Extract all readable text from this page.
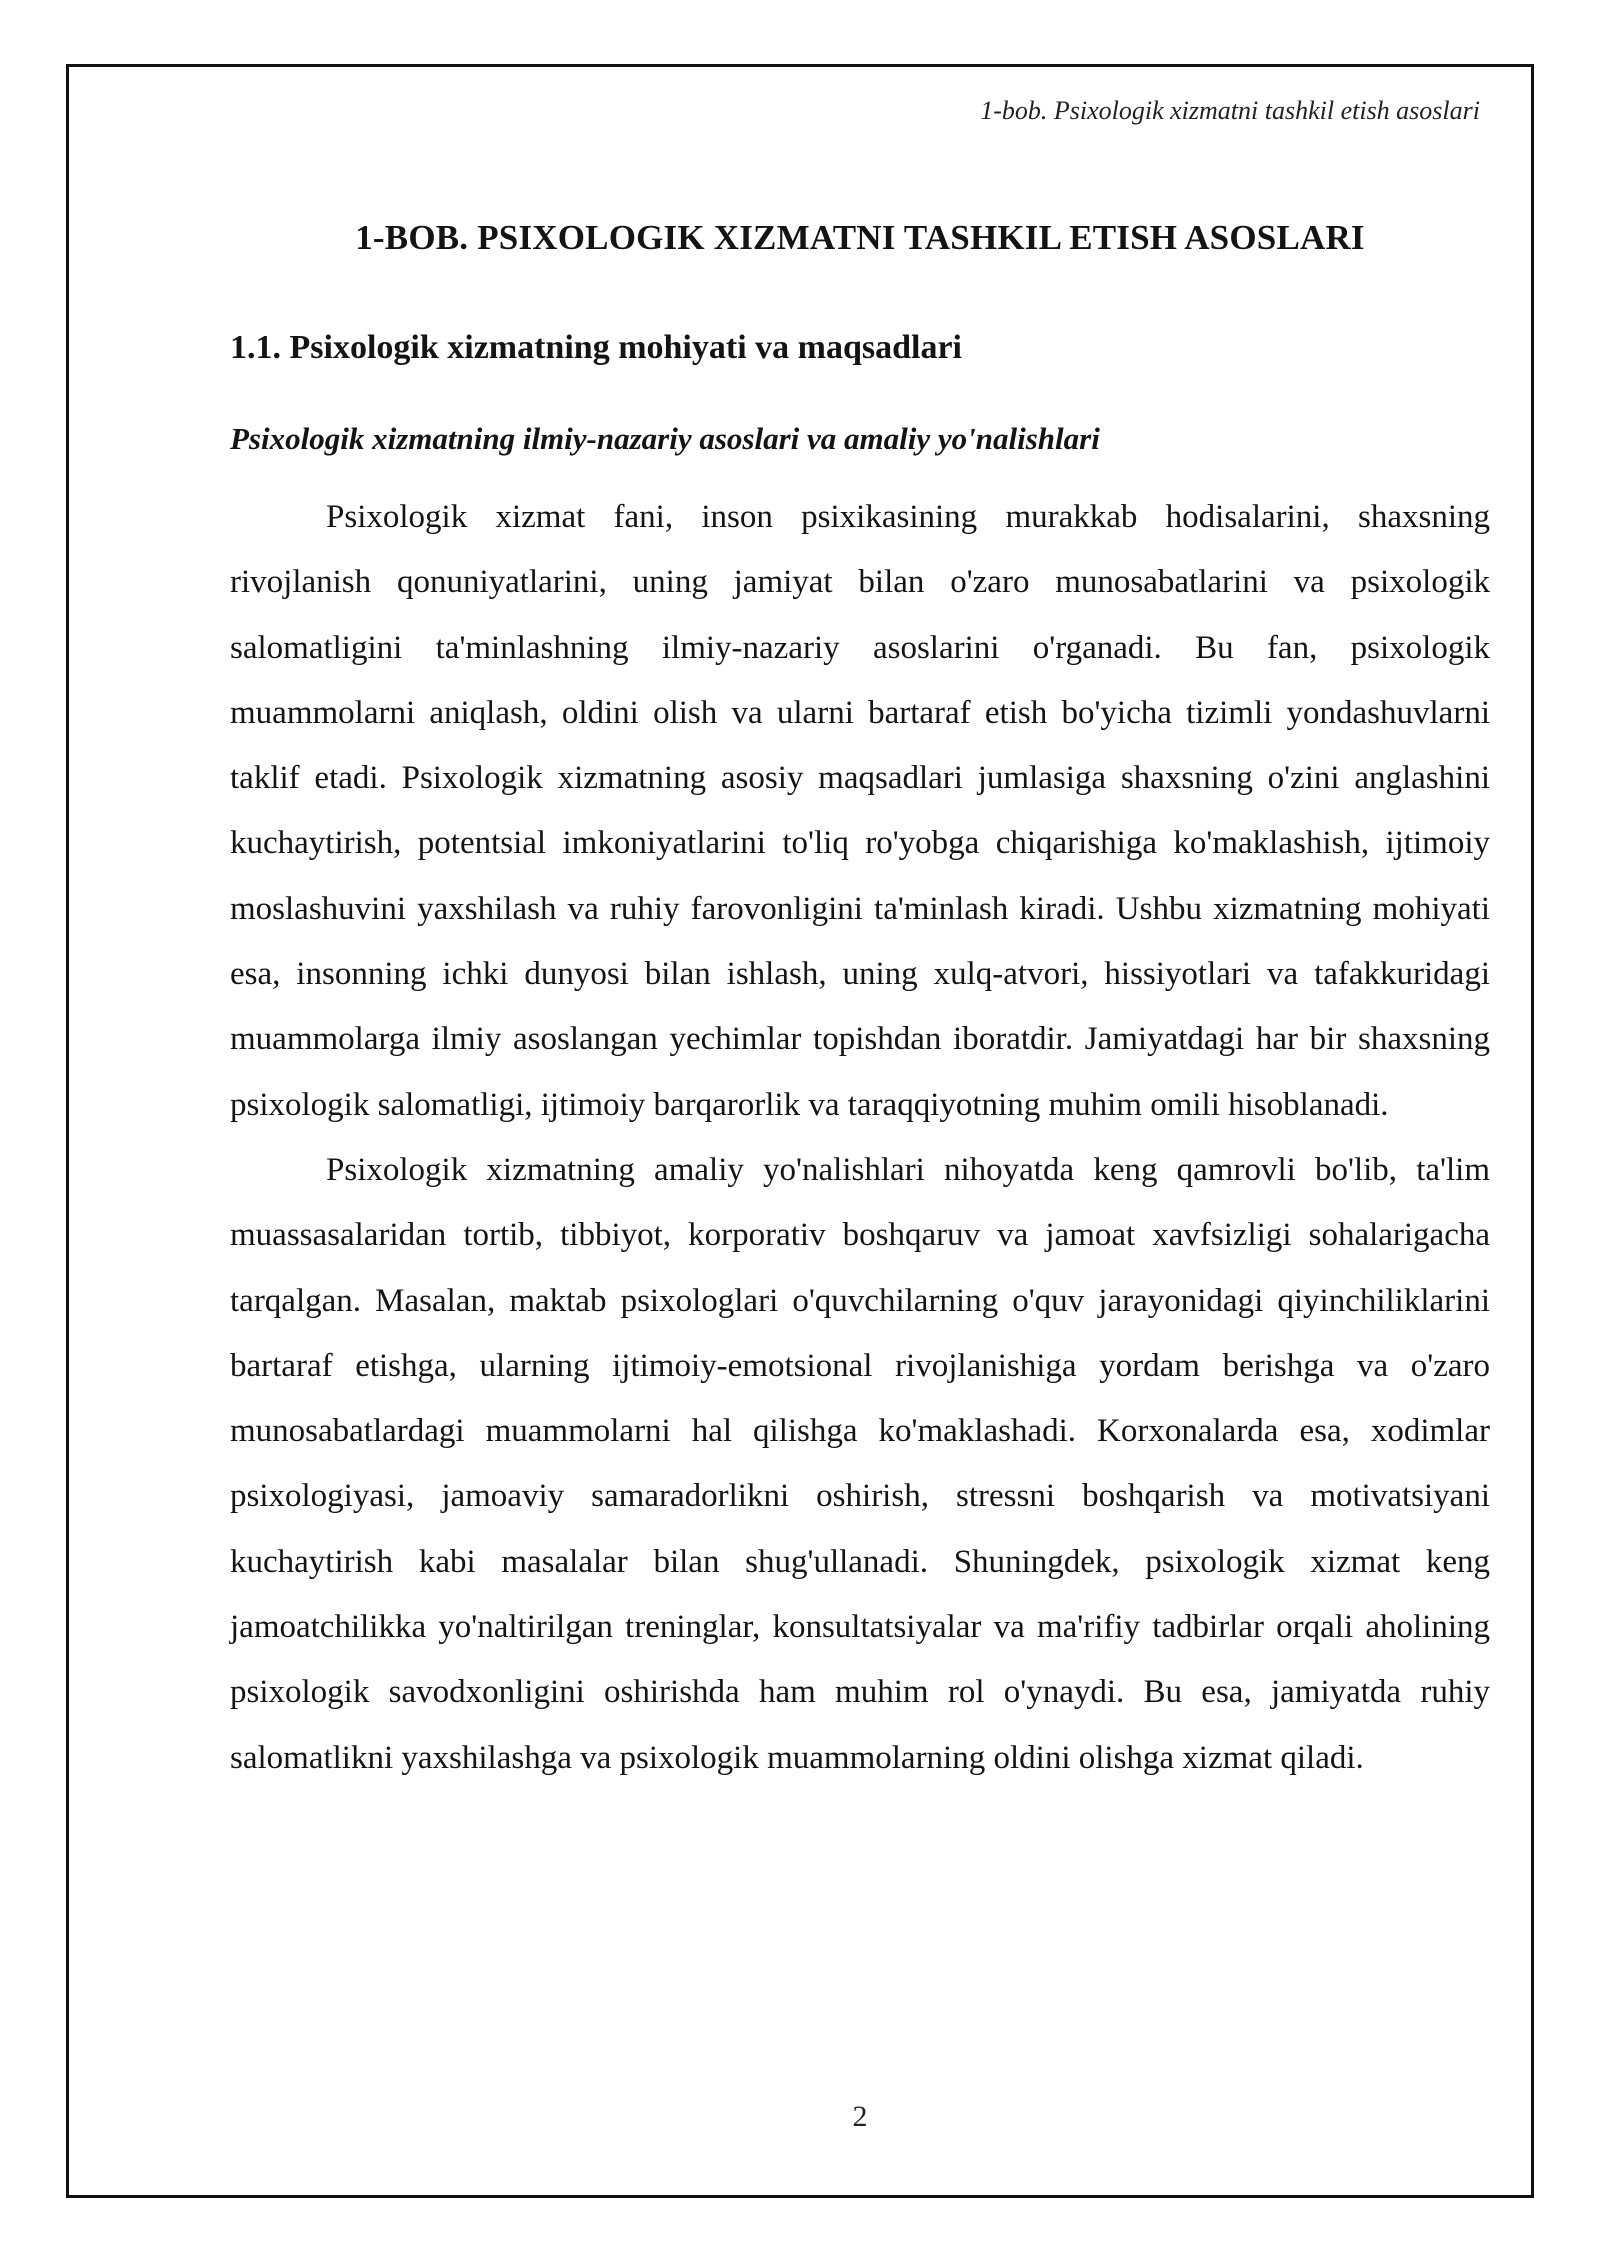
1-bob. Psixologik xizmatni tashkil etish asoslari
1-BOB. PSIXOLOGIK XIZMATNI TASHKIL ETISH ASOSLARI
1.1. Psixologik xizmatning mohiyati va maqsadlari
Psixologik xizmatning ilmiy-nazariy asoslari va amaliy yo'nalishlari

Psixologik xizmat fani, inson psixikasining murakkab hodisalarini, shaxsning rivojlanish qonuniyatlarini, uning jamiyat bilan o'zaro munosabatlarini va psixologik salomatligini ta'minlashning ilmiy-nazariy asoslarini o'rganadi. Bu fan, psixologik muammolarni aniqlash, oldini olish va ularni bartaraf etish bo'yicha tizimli yondashuvlarni taklif etadi. Psixologik xizmatning asosiy maqsadlari jumlasiga shaxsning o'zini anglashini kuchaytirish, potentsial imkoniyatlarini to'liq ro'yobga chiqarishiga ko'maklashish, ijtimoiy moslashuvini yaxshilash va ruhiy farovonligini ta'minlash kiradi. Ushbu xizmatning mohiyati esa, insonning ichki dunyosi bilan ishlash, uning xulq-atvori, hissiyotlari va tafakkuridagi muammolarga ilmiy asoslangan yechimlar topishdan iboratdir. Jamiyatdagi har bir shaxsning psixologik salomatligi, ijtimoiy barqarorlik va taraqqiyotning muhim omili hisoblanadi.

Psixologik xizmatning amaliy yo'nalishlari nihoyatda keng qamrovli bo'lib, ta'lim muassasalaridan tortib, tibbiyot, korporativ boshqaruv va jamoat xavfsizligi sohalarigacha tarqalgan. Masalan, maktab psixologlari o'quvchilarning o'quv jarayonidagi qiyinchiliklarini bartaraf etishga, ularning ijtimoiy-emotsional rivojlanishiga yordam berishga va o'zaro munosabatlardagi muammolarni hal qilishga ko'maklashadi. Korxonalarda esa, xodimlar psixologiyasi, jamoaviy samaradorlikni oshirish, stressni boshqarish va motivatsiyani kuchaytirish kabi masalalar bilan shug'ullanadi. Shuningdek, psixologik xizmat keng jamoatchilikka yo'naltirilgan treninglar, konsultatsiyalar va ma'rifiy tadbirlar orqali aholining psixologik savodxonligini oshirishda ham muhim rol o'ynaydi. Bu esa, jamiyatda ruhiy salomatlikni yaxshilashga va psixologik muammolarning oldini olishga xizmat qiladi.

2
